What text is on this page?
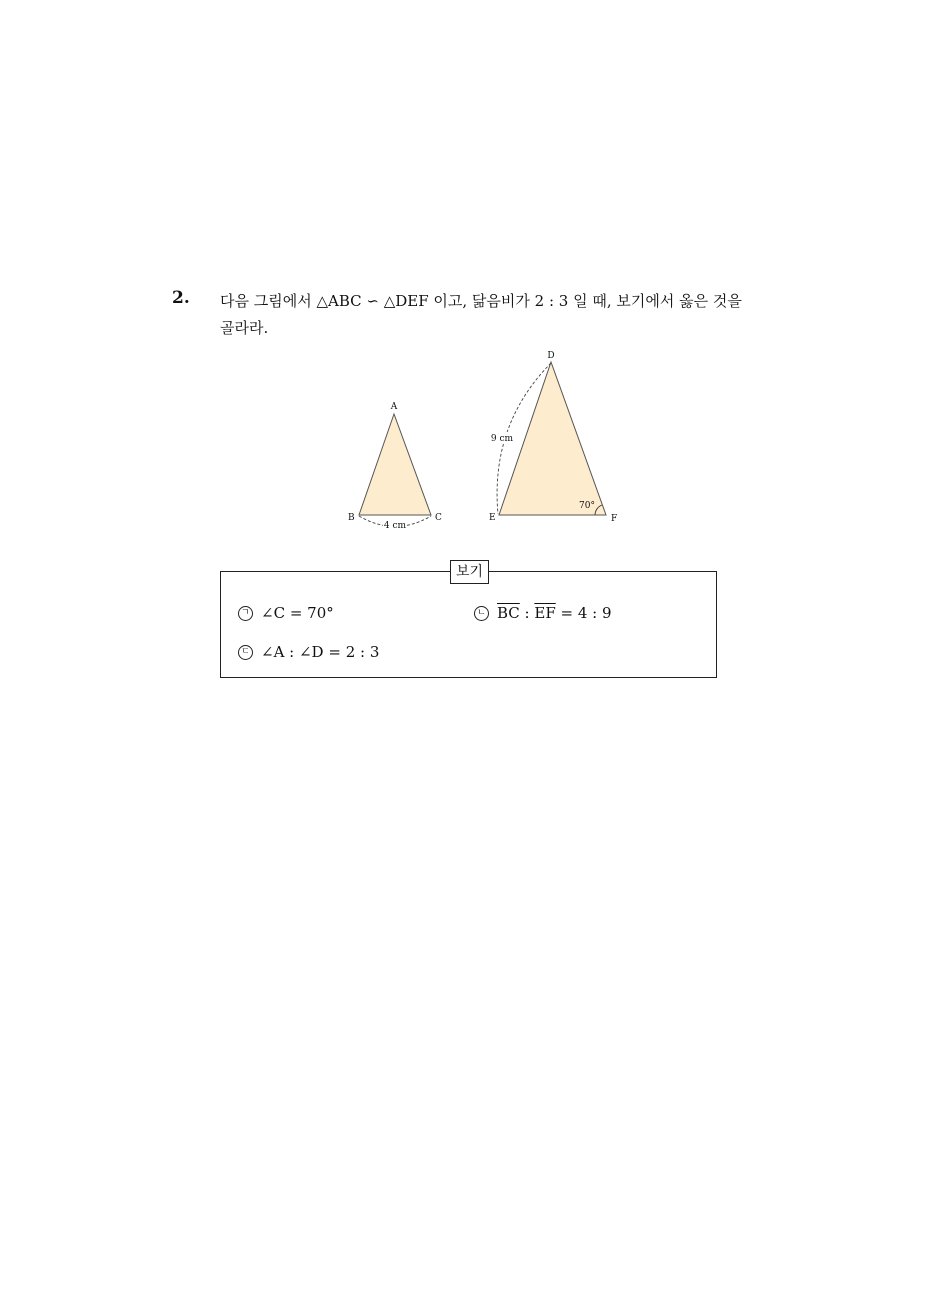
2. 다음 그림에서 △ABC ∽ △DEF 이고, 닮음비가 2 : 3 일 때, 보기에서 옳은 것을
골라라.
A
B	C
4 cm
D
E	F
9 cm
70°
보기
ㄱ ∠C = 70°	ㄴ $\overline{BC}$ : $\overline{EF} = 4$ : 9
ㄷ ∠A : ∠D = 2 : 3
